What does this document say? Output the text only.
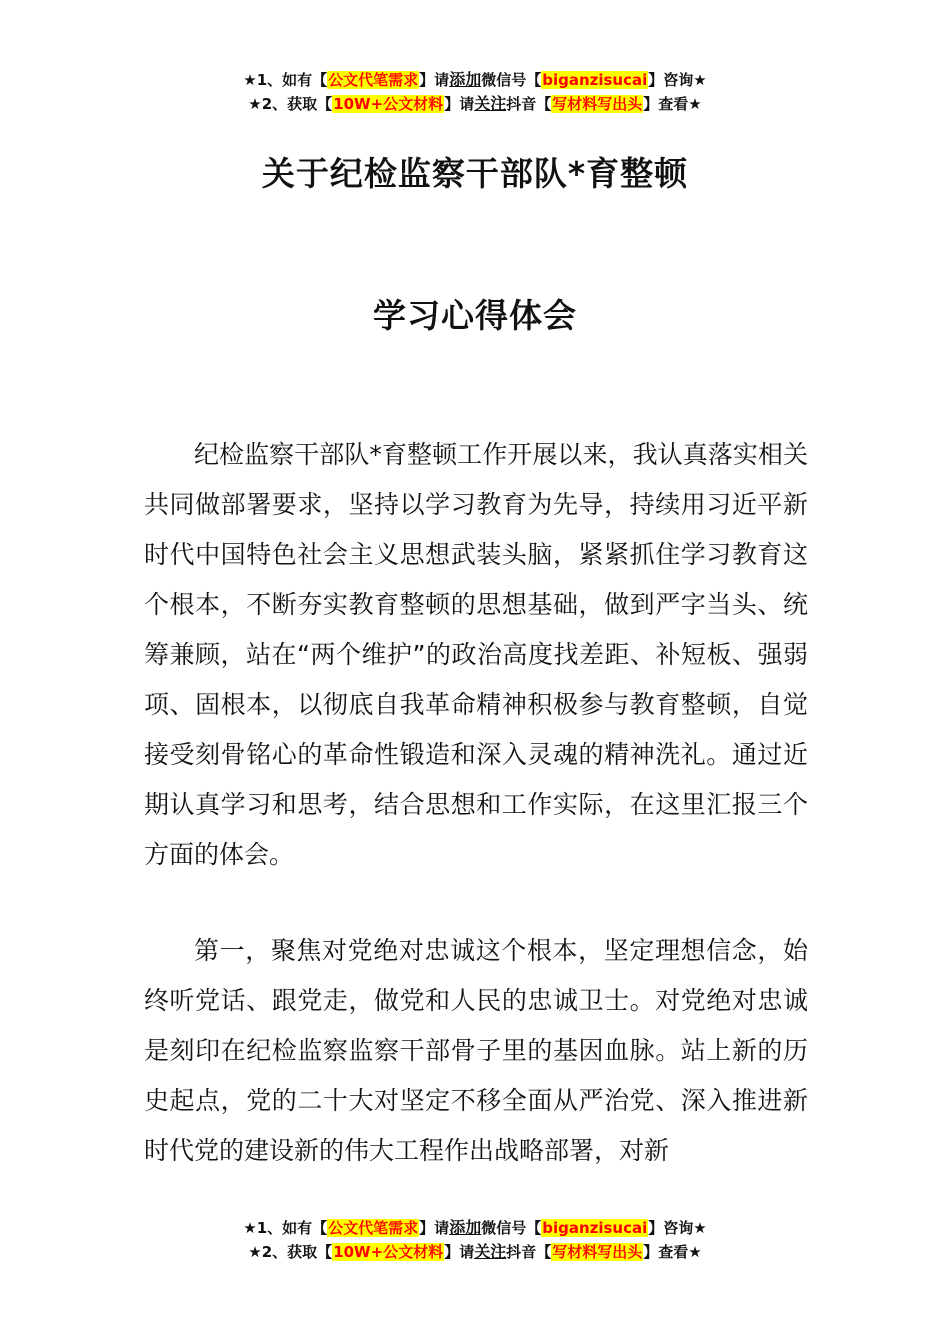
★1、如有【公文代笔需求】请添加微信号【biganzisucai】咨询★
★2、获取【10W+公文材料】请关注抖音【写材料写出头】查看★
关于纪检监察干部队*育整顿
学习心得体会

纪检监察干部队*育整顿工作开展以来，我认真落实相关共同做部署要求，坚持以学习教育为先导，持续用习近平新时代中国特色社会主义思想武装头脑，紧紧抓住学习教育这个根本，不断夯实教育整顿的思想基础，做到严字当头、统筹兼顾，站在“两个维护”的政治高度找差距、补短板、强弱项、固根本，以彻底自我革命精神积极参与教育整顿，自觉接受刻骨铭心的革命性锻造和深入灵魂的精神洗礼。通过近期认真学习和思考，结合思想和工作实际，在这里汇报三个方面的体会。

第一，聚焦对党绝对忠诚这个根本，坚定理想信念，始终听党话、跟党走，做党和人民的忠诚卫士。对党绝对忠诚是刻印在纪检监察监察干部骨子里的基因血脉。站上新的历史起点，党的二十大对坚定不移全面从严治党、深入推进新时代党的建设新的伟大工程作出战略部署，对新

★1、如有【公文代笔需求】请添加微信号【biganzisucai】咨询★
★2、获取【10W+公文材料】请关注抖音【写材料写出头】查看★
